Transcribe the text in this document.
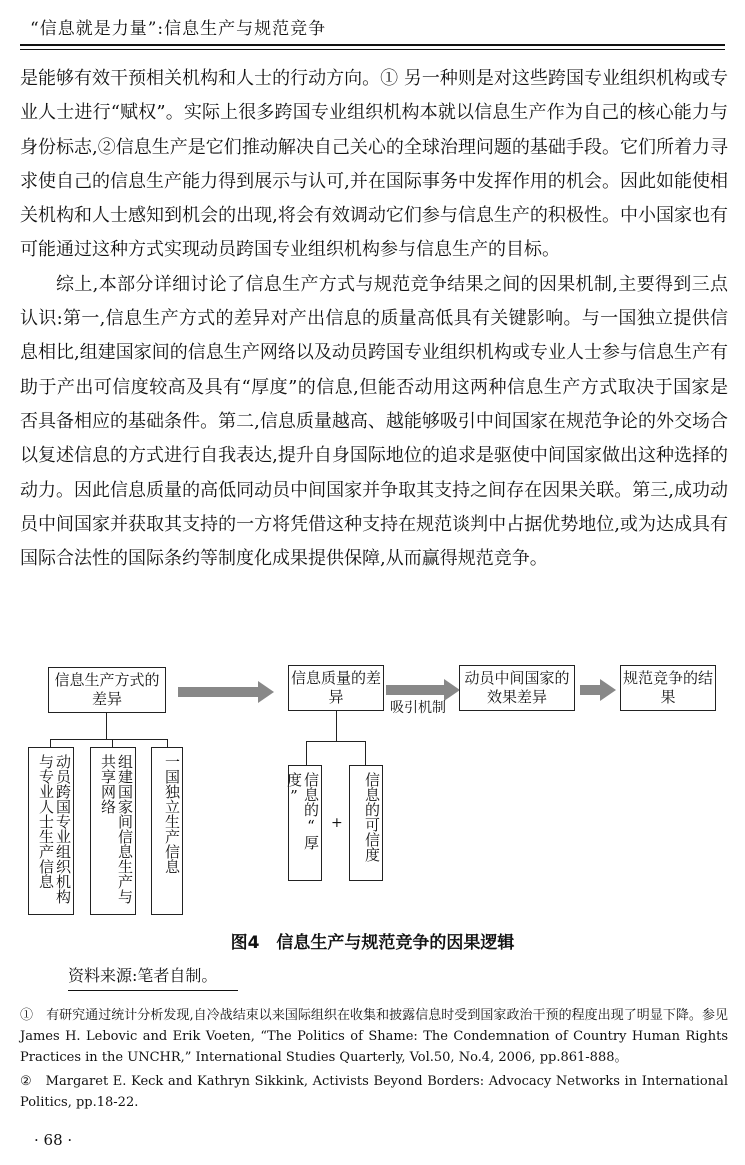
“信息就是力量”:信息生产与规范竞争

是能够有效干预相关机构和人士的行动方向。① 另一种则是对这些跨国专业组织机构或专业人士进行“赋权”。实际上很多跨国专业组织机构本就以信息生产作为自己的核心能力与身份标志,②信息生产是它们推动解决自己关心的全球治理问题的基础手段。它们所着力寻求使自己的信息生产能力得到展示与认可,并在国际事务中发挥作用的机会。因此如能使相关机构和人士感知到机会的出现,将会有效调动它们参与信息生产的积极性。中小国家也有可能通过这种方式实现动员跨国专业组织机构参与信息生产的目标。

综上,本部分详细讨论了信息生产方式与规范竞争结果之间的因果机制,主要得到三点认识:第一,信息生产方式的差异对产出信息的质量高低具有关键影响。与一国独立提供信息相比,组建国家间的信息生产网络以及动员跨国专业组织机构或专业人士参与信息生产有助于产出可信度较高及具有“厚度”的信息,但能否动用这两种信息生产方式取决于国家是否具备相应的基础条件。第二,信息质量越高、越能够吸引中间国家在规范争论的外交场合以复述信息的方式进行自我表达,提升自身国际地位的追求是驱使中间国家做出这种选择的动力。因此信息质量的高低同动员中间国家并争取其支持之间存在因果关联。第三,成功动员中间国家并获取其支持的一方将凭借这种支持在规范谈判中占据优势地位,或为达成具有国际合法性的国际条约等制度化成果提供保障,从而赢得规范竞争。

信息生产方式的差异
信息质量的差异
吸引机制
动员中间国家的效果差异
规范竞争的结果
动员跨国专业组织机构与专业人士生产信息	组建国家间信息生产与共享网络	一国独立生产信息	信息的“厚度”
+	信息的可信度
图4　信息生产与规范竞争的因果逻辑
资料来源:笔者自制。
①　有研究通过统计分析发现,自冷战结束以来国际组织在收集和披露信息时受到国家政治干预的程度出现了明显下降。参见 James H. Lebovic and Erik Voeten, “The Politics of Shame: The Condemnation of Country Human Rights Practices in the UNCHR,” International Studies Quarterly, Vol.50, No.4, 2006, pp.861-888。
②　Margaret E. Keck and Kathryn Sikkink, Activists Beyond Borders: Advocacy Networks in International Politics, pp.18-22.
· 68 ·
